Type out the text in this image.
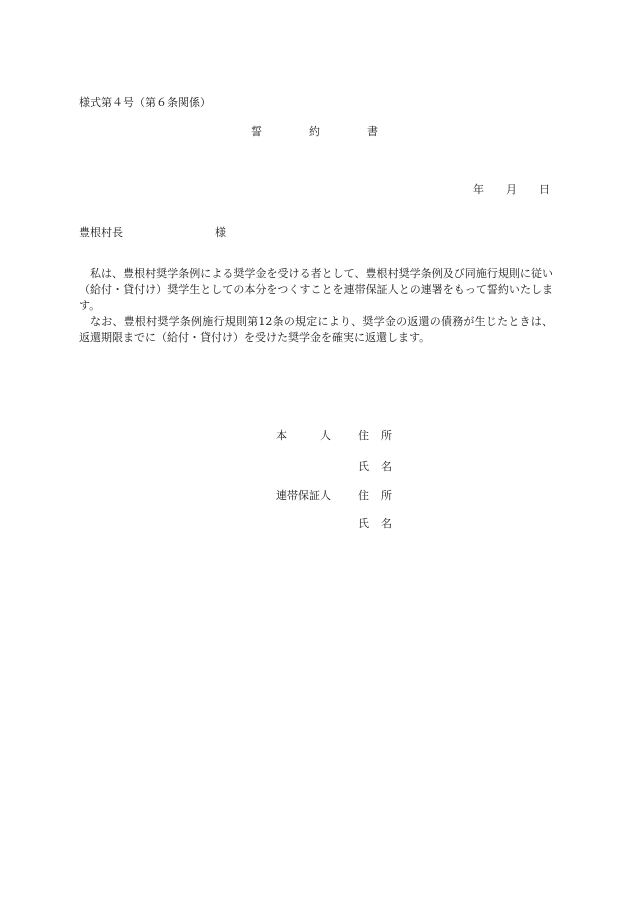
様式第４号（第６条関係）
誓	約	書
年 月 日
豊根村長	様

私は、豊根村奨学条例による奨学金を受ける者として、豊根村奨学条例及び同施行規則に従い（給付・貸付け）奨学生としての本分をつくすことを連帯保証人との連署をもって誓約いたします。

なお、豊根村奨学条例施行規則第12条の規定により、奨学金の返還の債務が生じたときは、返還期限までに（給付・貸付け）を受けた奨学金を確実に返還します。

本	人 住 所
氏 名
連帯保証人 住 所
氏 名
